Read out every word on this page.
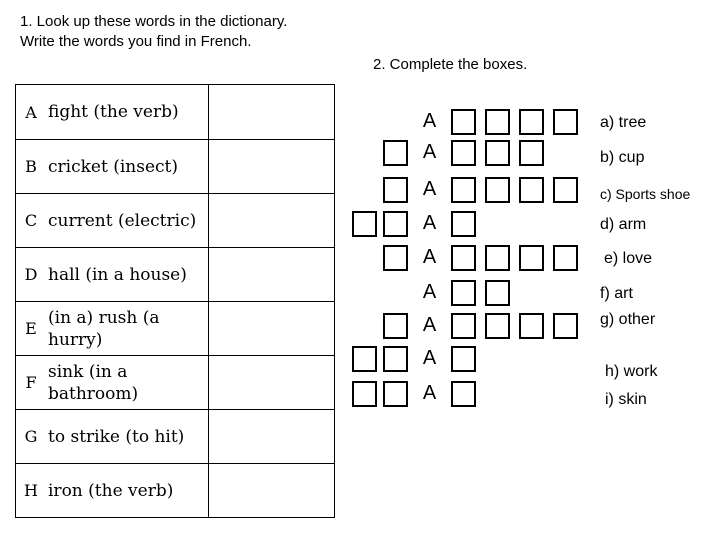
1. Look up these words in the dictionary.
Write the words you find in French.
2. Complete the boxes.
A	fight (the verb)	
B	cricket (insect)	
C	current (electric)	
D	hall (in a house)	
E	(in a) rush (a hurry)	
F	sink (in a bathroom)	
G	to strike (to hit)	
H	iron (the verb)	
A
A
A
A
A
A
A
A
A
a) tree
b) cup
c) Sports shoe
d) arm
e) love
f) art
g) other
h) work
i) skin
